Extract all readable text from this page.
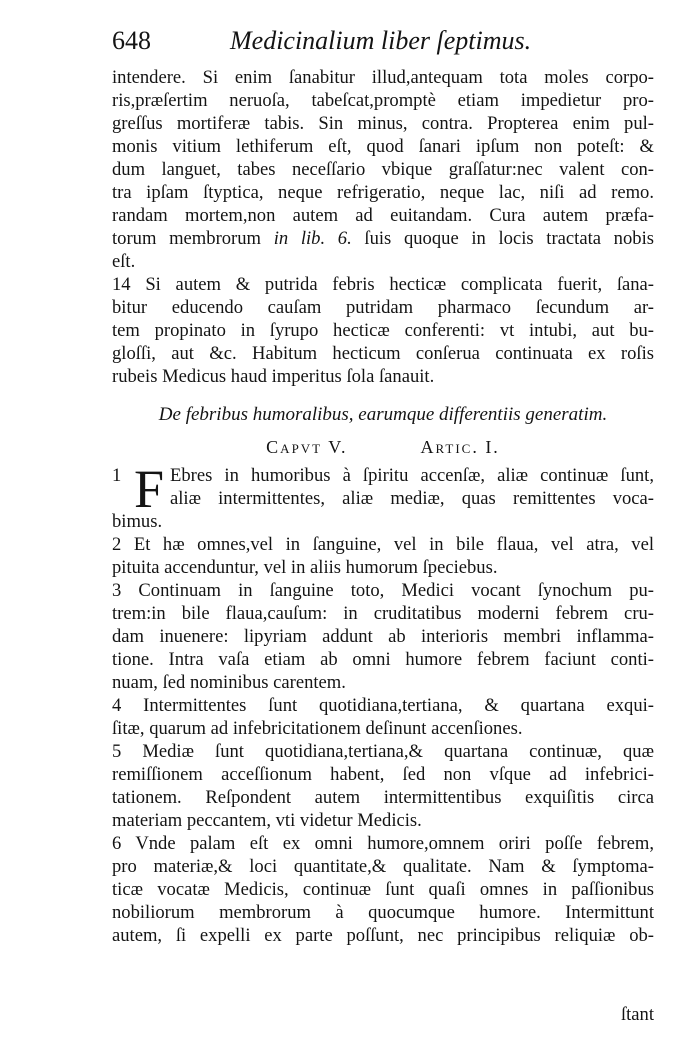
648	Medicinalium liber ſeptimus.
intendere. Si enim ſanabitur illud,antequam tota moles corpo-
ris,præſertim neruoſa, tabeſcat,promptè etiam impedietur pro-
greſſus mortiferæ tabis. Sin minus, contra. Propterea enim pul-
monis vitium lethiferum eſt, quod ſanari ipſum non poteſt: &
dum languet, tabes neceſſario vbique graſſatur:nec valent con-
tra ipſam ſtyptica, neque refrigeratio, neque lac, niſi ad remo.
randam mortem,non autem ad euitandam. Cura autem præfa-
torum membrorum in lib. 6. ſuis quoque in locis tractata nobis
eſt.
14 Si autem & putrida febris hecticæ complicata fuerit, ſana-
bitur educendo cauſam putridam pharmaco ſecundum ar-
tem propinato in ſyrupo hecticæ conferenti: vt intubi, aut bu-
gloſſi, aut &c. Habitum hecticum conſerua continuata ex roſis
rubeis Medicus haud imperitus ſola ſanauit.
De febribus humoralibus, earumque differentiis generatim.
Capvt V.	Artic. I.
1 F Ebres in humoribus à ſpiritu accenſæ, aliæ continuæ ſunt,
aliæ intermittentes, aliæ mediæ, quas remittentes voca-
bimus.
2 Et hæ omnes,vel in ſanguine, vel in bile flaua, vel atra, vel
pituita accenduntur, vel in aliis humorum ſpeciebus.
3 Continuam in ſanguine toto, Medici vocant ſynochum pu-
trem:in bile flaua,cauſum: in cruditatibus moderni febrem cru-
dam inuenere: lipyriam addunt ab interioris membri inflamma-
tione. Intra vaſa etiam ab omni humore febrem faciunt conti-
nuam, ſed nominibus carentem.
4 Intermittentes ſunt quotidiana,tertiana, & quartana exqui-
ſitæ, quarum ad infebricitationem deſinunt accenſiones.
5 Mediæ ſunt quotidiana,tertiana,& quartana continuæ, quæ
remiſſionem acceſſionum habent, ſed non vſque ad infebrici-
tationem. Reſpondent autem intermittentibus exquiſitis circa
materiam peccantem, vti videtur Medicis.
6 Vnde palam eſt ex omni humore,omnem oriri poſſe febrem,
pro materiæ,& loci quantitate,& qualitate. Nam & ſymptoma-
ticæ vocatæ Medicis, continuæ ſunt quaſi omnes in paſſionibus
nobiliorum membrorum à quocumque humore. Intermittunt
autem, ſi expelli ex parte poſſunt, nec principibus reliquiæ ob-
ſtant
